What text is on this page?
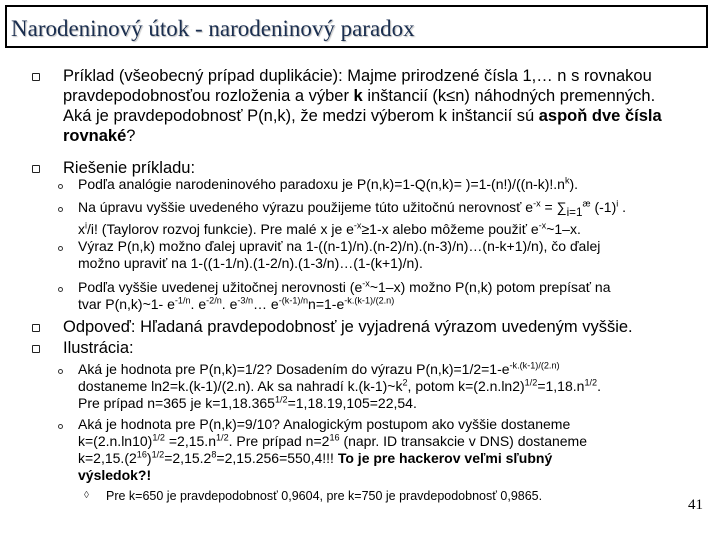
Narodeninový útok - narodeninový paradox
Príklad (všeobecný prípad duplikácie): Majme prirodzené čísla 1,… n s rovnakou
pravdepodobnosťou rozloženia a výber k inštancií (k≤n) náhodných premenných.
Aká je pravdepodobnosť P(n,k), že medzi výberom k inštancií sú aspoň dve čísla
rovnaké?
Riešenie príkladu:
Podľa analógie narodeninového paradoxu je $P(n,k)=1-Q(n,k)= )=1-(n!)/((n-k)!.n^k)$.
Na úpravu vyššie uvedeného výrazu použijeme túto užitočnú nerovnosť $e^{-x} = \sum_{i=1}^æ$ $(-1)^i$ .
$x^i/i$! (Taylorov rozvoj funkcie). Pre malé x je $e^{-x}\ge 1-x$ alebo môžeme použiť $e^{-x}\sim 1-x$.
Výraz P(n,k) možno ďalej upraviť na 1-((n-1)/n).(n-2)/n).(n-3)/n)…(n-k+1)/n), čo ďalej
možno upraviť na 1-((1-1/n).(1-2/n).(1-3/n)…(1-(k+1)/n).
Podľa vyššie uvedenej užitočnej nerovnosti $(e^{-x}\sim 1-x)$ možno P(n,k) potom prepísať na
tvar P(n,k)~1- $e^{-1/n}$. $e^{-2/n}$. $e^{-3/n}\dots$ $e^{-(k-1)/n}n=1-e^{-k.(k-1)/(2.n)}$
Odpoveď: Hľadaná pravdepodobnosť je vyjadrená výrazom uvedeným vyššie.
Ilustrácia:
Aká je hodnota pre P(n,k)=1/2? Dosadením do výrazu $P(n,k)=1/2=1-e^{-k.(k-1)/(2.n)}$
dostaneme ln2=k.(k-1)/(2.n). Ak sa nahradí $k.(k-1)\sim k^2$, potom $k=(2.n.\ln 2)^{1/2}=1,18.n^{1/2}$.
Pre prípad n=365 je $k=1,18.365^{1/2}=1,18.19,105=22,54$.
Aká je hodnota pre P(n,k)=9/10? Analogickým postupom ako vyššie dostaneme
$k=(2.n.\ln 10)^{1/2} =2,15.n^{1/2}$. Pre prípad $n=2^{16}$ (napr. ID transakcie v DNS) dostaneme
$k=2,15.(2^{16})^{1/2}=2,15.2^8=2,15.256=550,4$!!! To je pre hackerov veľmi sľubný
výsledok?!
◊ Pre k=650 je pravdepodobnosť 0,9604, pre k=750 je pravdepodobnosť 0,9865.
41
